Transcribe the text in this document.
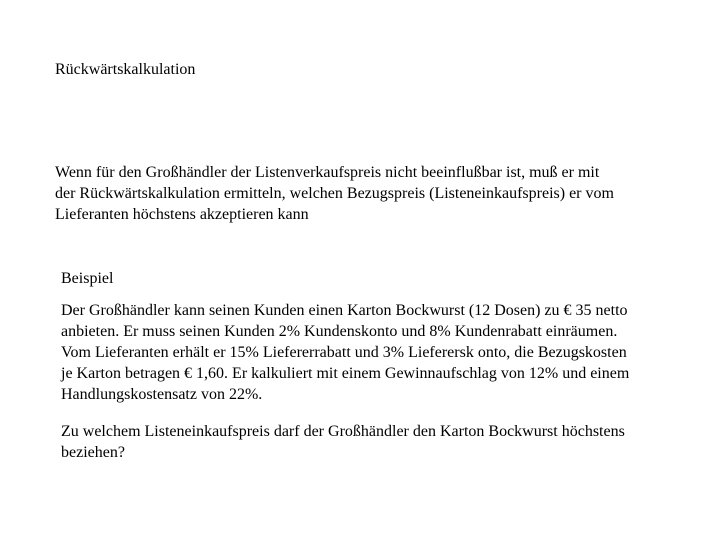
Rückwärtskalkulation
Wenn für den Großhändler der Listenverkaufspreis nicht beeinflußbar ist, muß er mit
der Rückwärtskalkulation ermitteln, welchen Bezugspreis (Listeneinkaufspreis) er vom
Lieferanten höchstens akzeptieren kann
Beispiel
Der Großhändler kann seinen Kunden einen Karton Bockwurst (12 Dosen) zu € 35 netto
anbieten. Er muss seinen Kunden 2% Kundenskonto und 8% Kundenrabatt einräumen.
Vom Lieferanten erhält er 15% Liefererrabatt und 3% Lieferersk onto, die Bezugskosten
je Karton betragen € 1,60. Er kalkuliert mit einem Gewinnaufschlag von 12% und einem
Handlungskostensatz von 22%.
Zu welchem Listeneinkaufspreis darf der Großhändler den Karton Bockwurst höchstens
beziehen?
